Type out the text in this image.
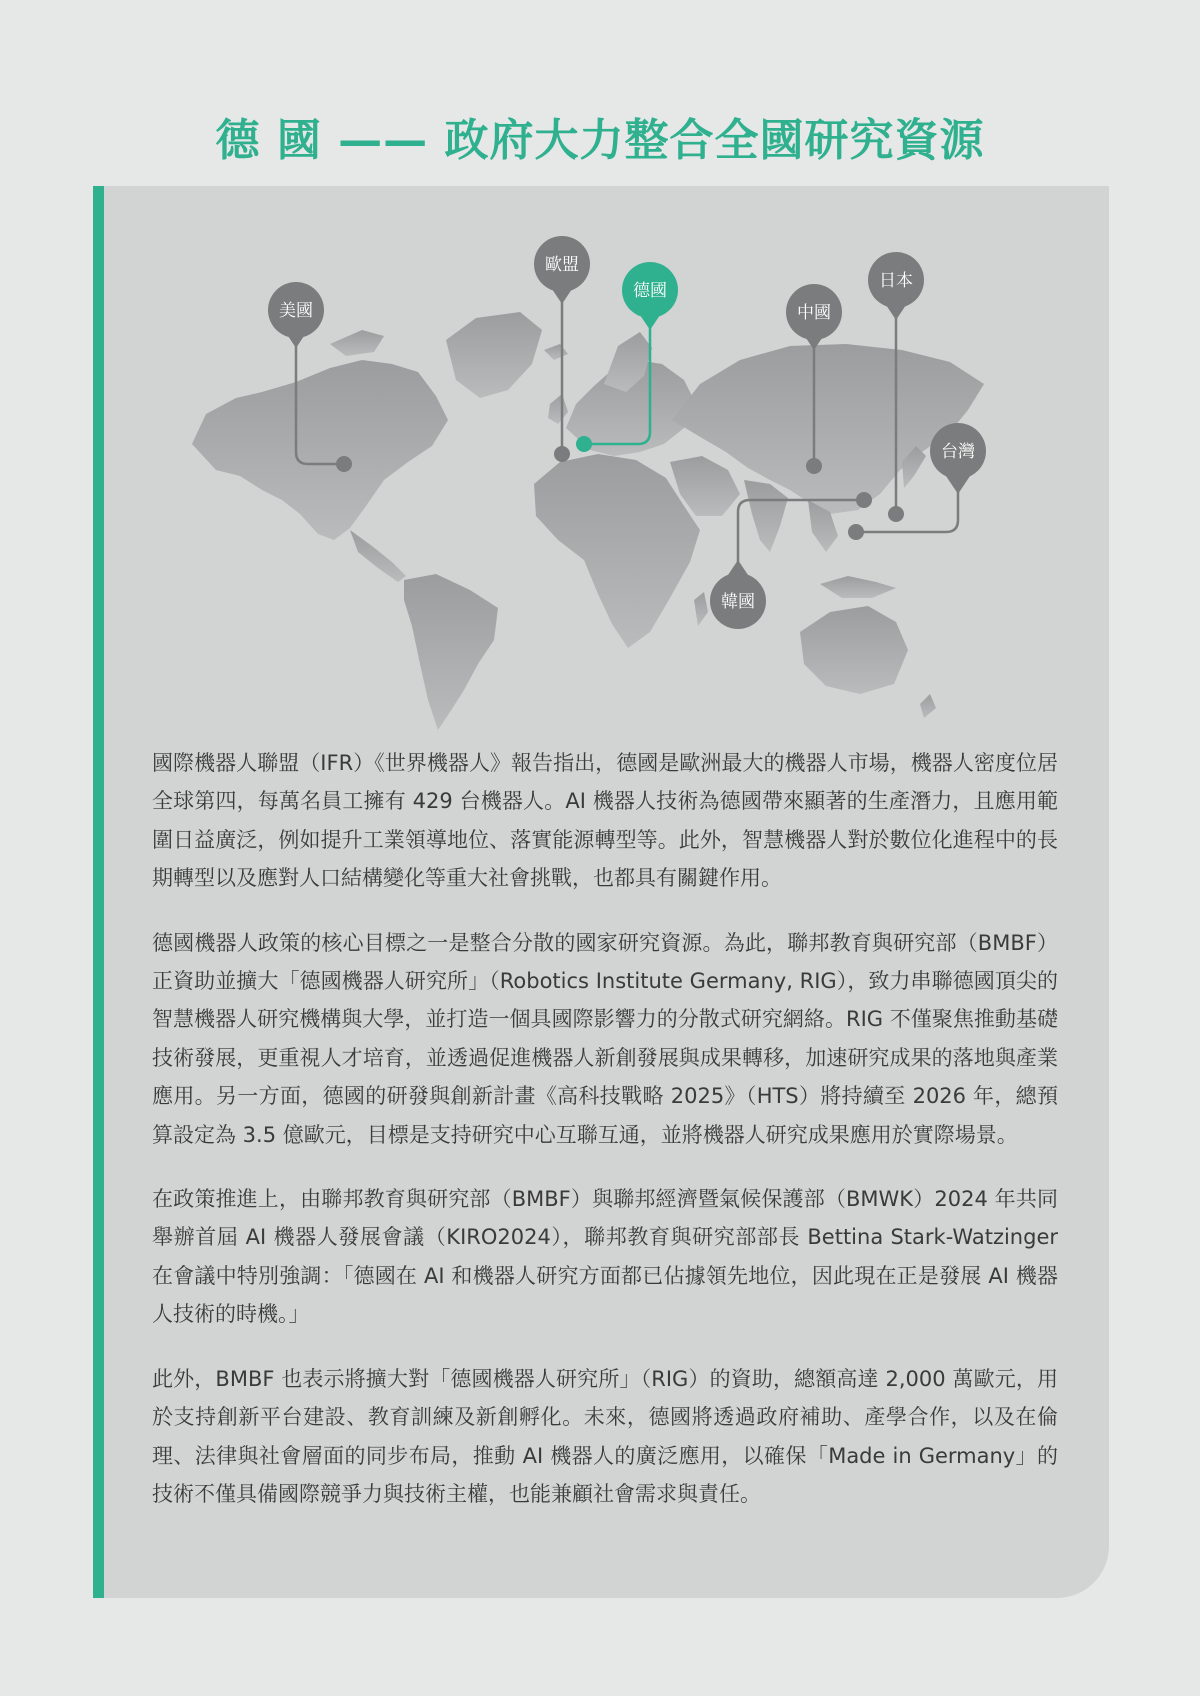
德 國 —— 政府大力整合全國研究資源
美國
歐盟
德國
中國
日本
台灣
韓國

國際機器人聯盟（IFR）《世界機器人》報告指出，德國是歐洲最大的機器人市場，機器人密度位居全球第四，每萬名員工擁有 429 台機器人。AI 機器人技術為德國帶來顯著的生產潛力，且應用範圍日益廣泛，例如提升工業領導地位、落實能源轉型等。此外，智慧機器人對於數位化進程中的長期轉型以及應對人口結構變化等重大社會挑戰，也都具有關鍵作用。

德國機器人政策的核心目標之一是整合分散的國家研究資源。為此，聯邦教育與研究部（BMBF）正資助並擴大「德國機器人研究所」（Robotics Institute Germany, RIG），致力串聯德國頂尖的智慧機器人研究機構與大學，並打造一個具國際影響力的分散式研究網絡。RIG 不僅聚焦推動基礎技術發展，更重視人才培育，並透過促進機器人新創發展與成果轉移，加速研究成果的落地與產業應用。另一方面，德國的研發與創新計畫《高科技戰略 2025》（HTS）將持續至 2026 年，總預算設定為 3.5 億歐元，目標是支持研究中心互聯互通，並將機器人研究成果應用於實際場景。

在政策推進上，由聯邦教育與研究部（BMBF）與聯邦經濟暨氣候保護部（BMWK）2024 年共同舉辦首屆 AI 機器人發展會議（KIRO2024），聯邦教育與研究部部長 Bettina Stark-Watzinger 在會議中特別強調：「德國在 AI 和機器人研究方面都已佔據領先地位，因此現在正是發展 AI 機器人技術的時機。」

此外，BMBF 也表示將擴大對「德國機器人研究所」（RIG）的資助，總額高達 2,000 萬歐元，用於支持創新平台建設、教育訓練及新創孵化。未來，德國將透過政府補助、產學合作，以及在倫理、法律與社會層面的同步布局，推動 AI 機器人的廣泛應用，以確保「Made in Germany」的技術不僅具備國際競爭力與技術主權，也能兼顧社會需求與責任。
